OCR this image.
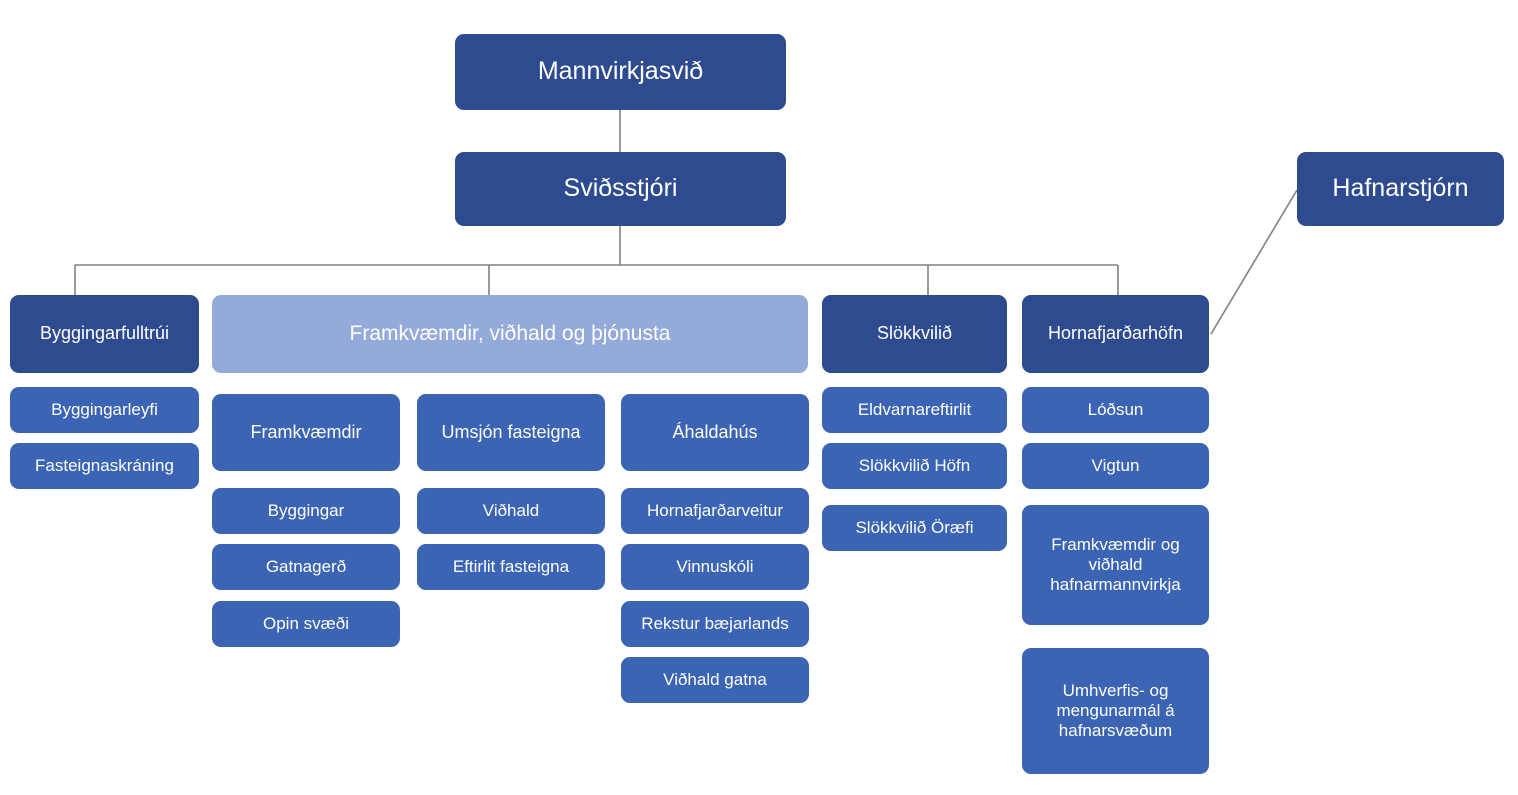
Mannvirkjasvið
Sviðsstjóri	Hafnarstjórn
Byggingarfulltrúi
Byggingarleyfi
Fasteignaskráning
Framkvæmdir, viðhald og þjónusta
Framkvæmdir
Byggingar
Gatnagerð
Opin svæði
Umsjón fasteigna
Viðhald
Eftirlit fasteigna
Áhaldahús
Hornafjarðarveitur
Vinnuskóli
Rekstur bæjarlands
Viðhald gatna
Slökkvilið
Eldvarnareftirlit
Slökkvilið Höfn
Slökkvilið Öræfi
Hornafjarðarhöfn
Lóðsun
Vigtun
Framkvæmdir og viðhald hafnarmannvirkja
Umhverfis- og mengunarmál á hafnarsvæðum
